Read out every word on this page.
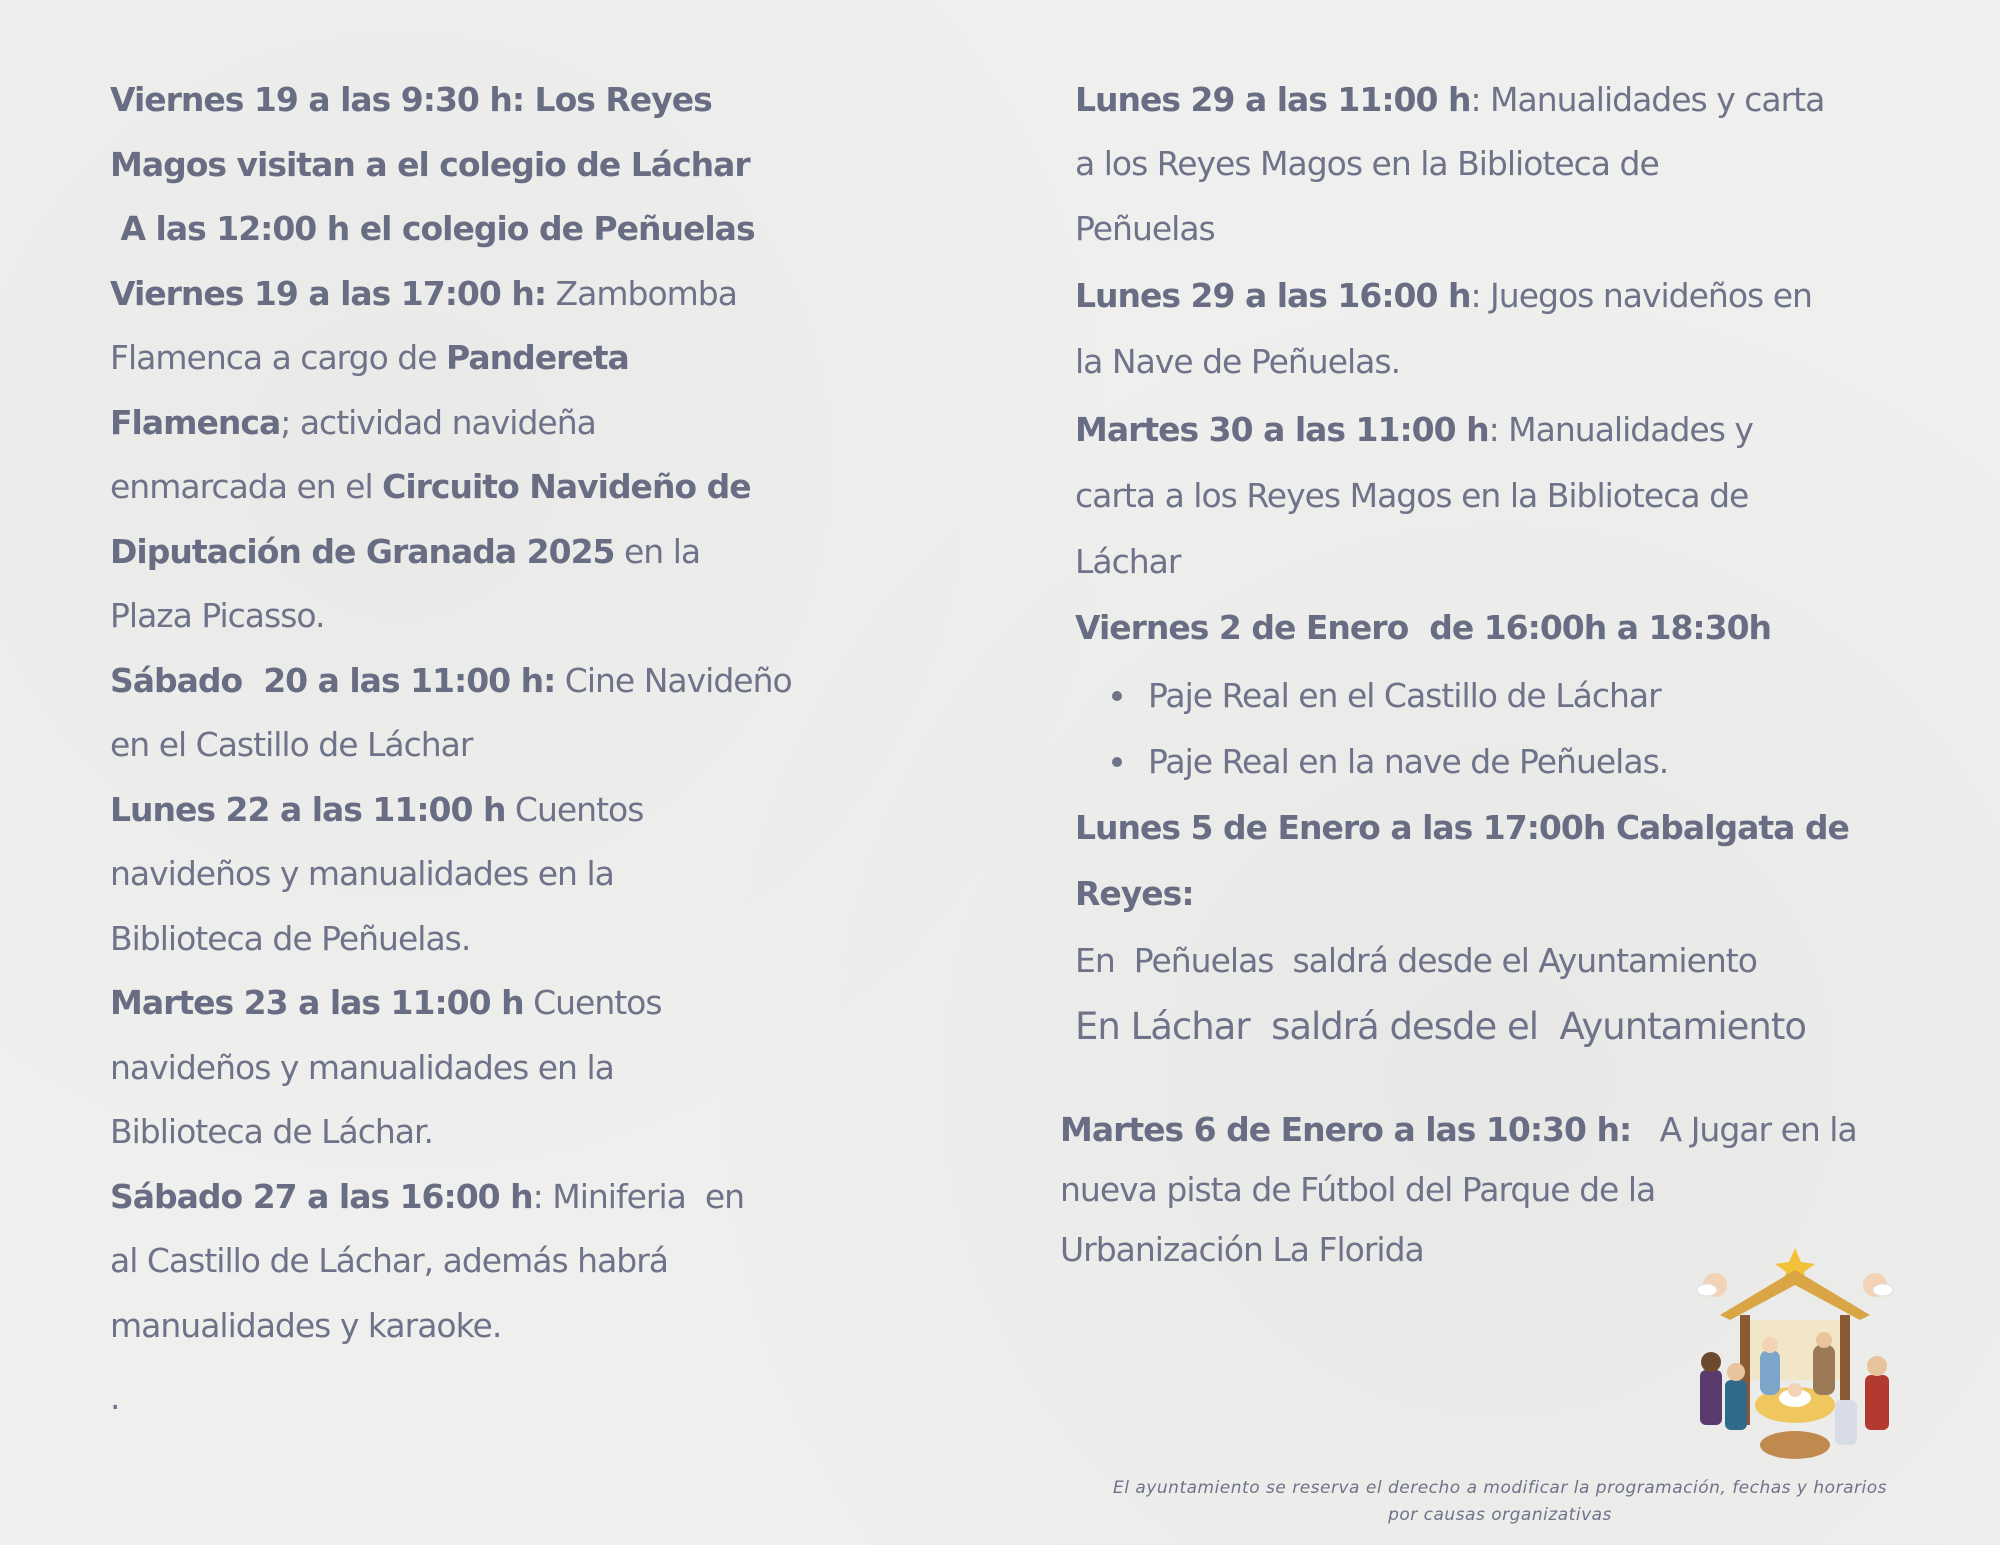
Viernes 19 a las 9:30 h: Los Reyes
Magos visitan a el colegio de Láchar
A las 12:00 h el colegio de Peñuelas
Viernes 19 a las 17:00 h: Zambomba
Flamenca a cargo de Pandereta
Flamenca; actividad navideña
enmarcada en el Circuito Navideño de
Diputación de Granada 2025 en la
Plaza Picasso.
Sábado  20 a las 11:00 h: Cine Navideño
en el Castillo de Láchar
Lunes 22 a las 11:00 h Cuentos
navideños y manualidades en la
Biblioteca de Peñuelas.
Martes 23 a las 11:00 h Cuentos
navideños y manualidades en la
Biblioteca de Láchar.
Sábado 27 a las 16:00 h: Miniferia  en
al Castillo de Láchar, además habrá
manualidades y karaoke.
.
Lunes 29 a las 11:00 h: Manualidades y carta
a los Reyes Magos en la Biblioteca de
Peñuelas
Lunes 29 a las 16:00 h: Juegos navideños en
la Nave de Peñuelas.
Martes 30 a las 11:00 h: Manualidades y
carta a los Reyes Magos en la Biblioteca de
Láchar
Viernes 2 de Enero  de 16:00h a 18:30h
Paje Real en el Castillo de Láchar
Paje Real en la nave de Peñuelas.
Lunes 5 de Enero a las 17:00h Cabalgata de
Reyes:
En  Peñuelas  saldrá desde el Ayuntamiento
En Láchar  saldrá desde el  Ayuntamiento
Martes 6 de Enero a las 10:30 h:   A Jugar en la
nueva pista de Fútbol del Parque de la
Urbanización La Florida
El ayuntamiento se reserva el derecho a modificar la programación, fechas y horarios
por causas organizativas
